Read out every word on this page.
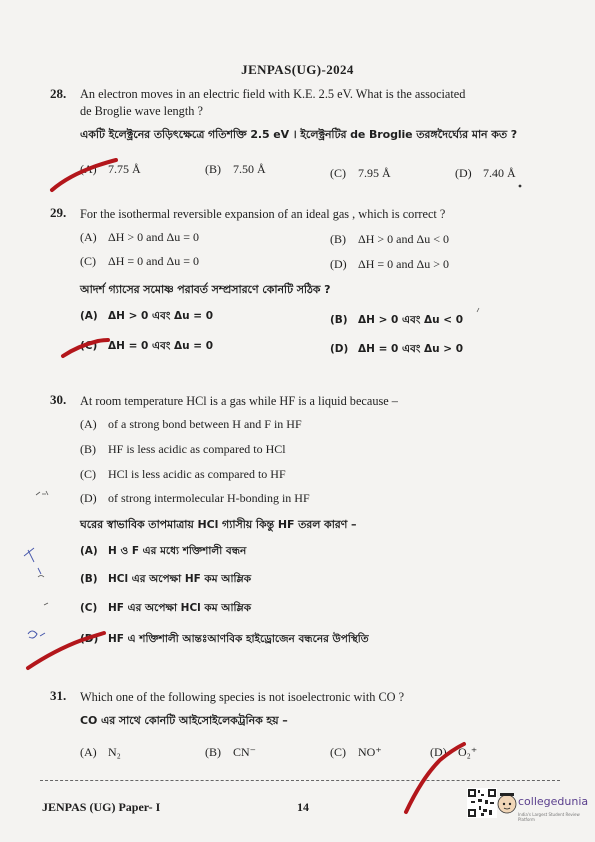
JENPAS(UG)-2024
28. An electron moves in an electric field with K.E. 2.5 eV. What is the associated
de Broglie wave length ?
একটি ইলেক্ট্রনের তড়িৎক্ষেত্রে গতিশক্তি 2.5 eV । ইলেক্ট্রনটির de Broglie তরঙ্গদৈর্ঘ্যের মান কত ?
(A) 7.75 Å	(B) 7.50 Å	(C) 7.95 Å	(D) 7.40 Å
29. For the isothermal reversible expansion of an ideal gas , which is correct ?
(A) ΔH > 0 and Δu = 0	(B) ΔH > 0 and Δu < 0
(C) ΔH = 0 and Δu = 0	(D) ΔH = 0 and Δu > 0
আদর্শ গ্যাসের সমোষ্ণ পরাবর্ত সম্প্রসারণে কোনটি সঠিক ?
(A) ΔH > 0 এবং Δu = 0	(B) ΔH > 0 এবং Δu < 0
(C) ΔH = 0 এবং Δu = 0	(D) ΔH = 0 এবং Δu > 0
30. At room temperature HCl is a gas while HF is a liquid because –
(A) of a strong bond between H and F in HF
(B) HF is less acidic as compared to HCl
(C) HCl is less acidic as compared to HF
(D) of strong intermolecular H-bonding in HF
ঘরের স্বাভাবিক তাপমাত্রায় HCl গ্যাসীয় কিন্তু HF তরল কারণ –
(A) H ও F এর মধ্যে শক্তিশালী বন্ধন
(B) HCl এর অপেক্ষা HF কম আম্লিক
(C) HF এর অপেক্ষা HCl কম আম্লিক
(D) HF এ শক্তিশালী আন্তঃআণবিক হাইড্রোজেন বন্ধনের উপস্থিতি
31. Which one of the following species is not isoelectronic with CO ?
CO এর সাথে কোনটি আইসোইলেকট্রনিক হয় –
(A) N₂	(B) CN⁻	(C) NO⁺	(D) O₂⁺
JENPAS (UG) Paper- I	14	collegedunia
India's Largest Student Review Platform
